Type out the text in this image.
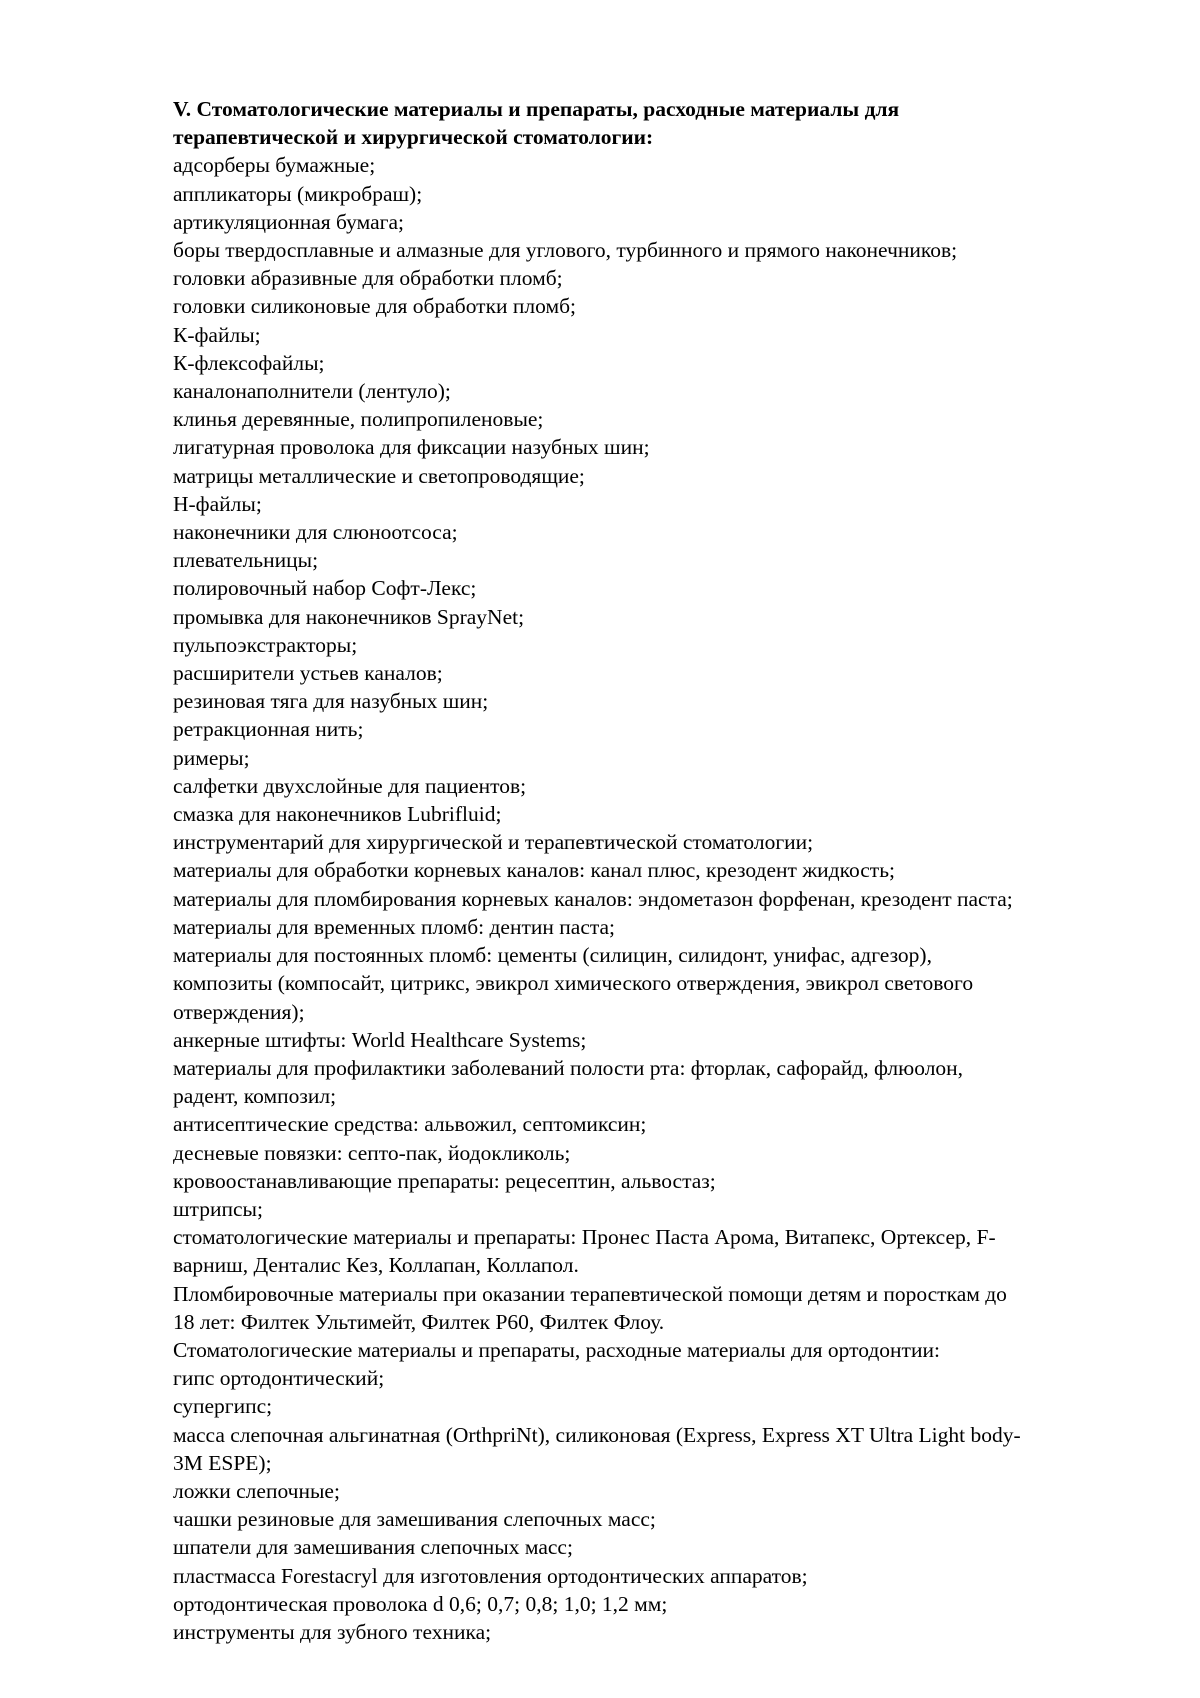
V. Стоматологические материалы и препараты, расходные материалы для
терапевтической и хирургической стоматологии:

адсорберы бумажные;

аппликаторы (микробраш);

артикуляционная бумага;

боры твердосплавные и алмазные для углового, турбинного и прямого наконечников;

головки абразивные для обработки пломб;

головки силиконовые для обработки пломб;

К-файлы;

К-флексофайлы;

каналонаполнители (лентуло);

клинья деревянные, полипропиленовые;

лигатурная проволока для фиксации назубных шин;

матрицы металлические и светопроводящие;

Н-файлы;

наконечники для слюноотсоса;

плевательницы;

полировочный набор Софт-Лекс;

промывка для наконечников SprayNet;

пульпоэкстракторы;

расширители устьев каналов;

резиновая тяга для назубных шин;

ретракционная нить;

римеры;

салфетки двухслойные для пациентов;

смазка для наконечников Lubrifluid;

инструментарий для хирургической и терапевтической стоматологии;

материалы для обработки корневых каналов: канал плюс, крезодент жидкость;

материалы для пломбирования корневых каналов: эндометазон форфенан, крезодент паста;

материалы для временных пломб: дентин паста;

материалы для постоянных пломб: цементы (силицин, силидонт, унифас, адгезор),
композиты (компосайт, цитрикс, эвикрол химического отверждения, эвикрол светового
отверждения);

анкерные штифты: World Healthcare Systems;

материалы для профилактики заболеваний полости рта: фторлак, сафорайд, флюолон,
радент, композил;

антисептические средства: альвожил, септомиксин;

десневые повязки: септо-пак, йодокликоль;

кровоостанавливающие препараты: рецесептин, альвостаз;

штрипсы;

стоматологические материалы и препараты: Пронес Паста Арома, Витапекс, Ортексер, F-
варниш, Денталис Кез, Коллапан, Коллапол.

Пломбировочные материалы при оказании терапевтической помощи детям и пoросткам до
18 лет: Филтек Ультимейт, Филтек Р60, Филтек Флоу.

Стоматологические материалы и препараты, расходные материалы для ортодонтии:

гипс ортодонтический;

супергипс;

масса слепочная альгинатная (OrthpriNt), силиконовая (Express, Express XT Ultra Light body-
3M ESPE);

ложки слепочные;

чашки резиновые для замешивания слепочных масс;

шпатели для замешивания слепочных масс;

пластмасса Forestacryl для изготовления ортодонтических аппаратов;

ортодонтическая проволока d 0,6; 0,7; 0,8; 1,0; 1,2 мм;

инструменты для зубного техника;
